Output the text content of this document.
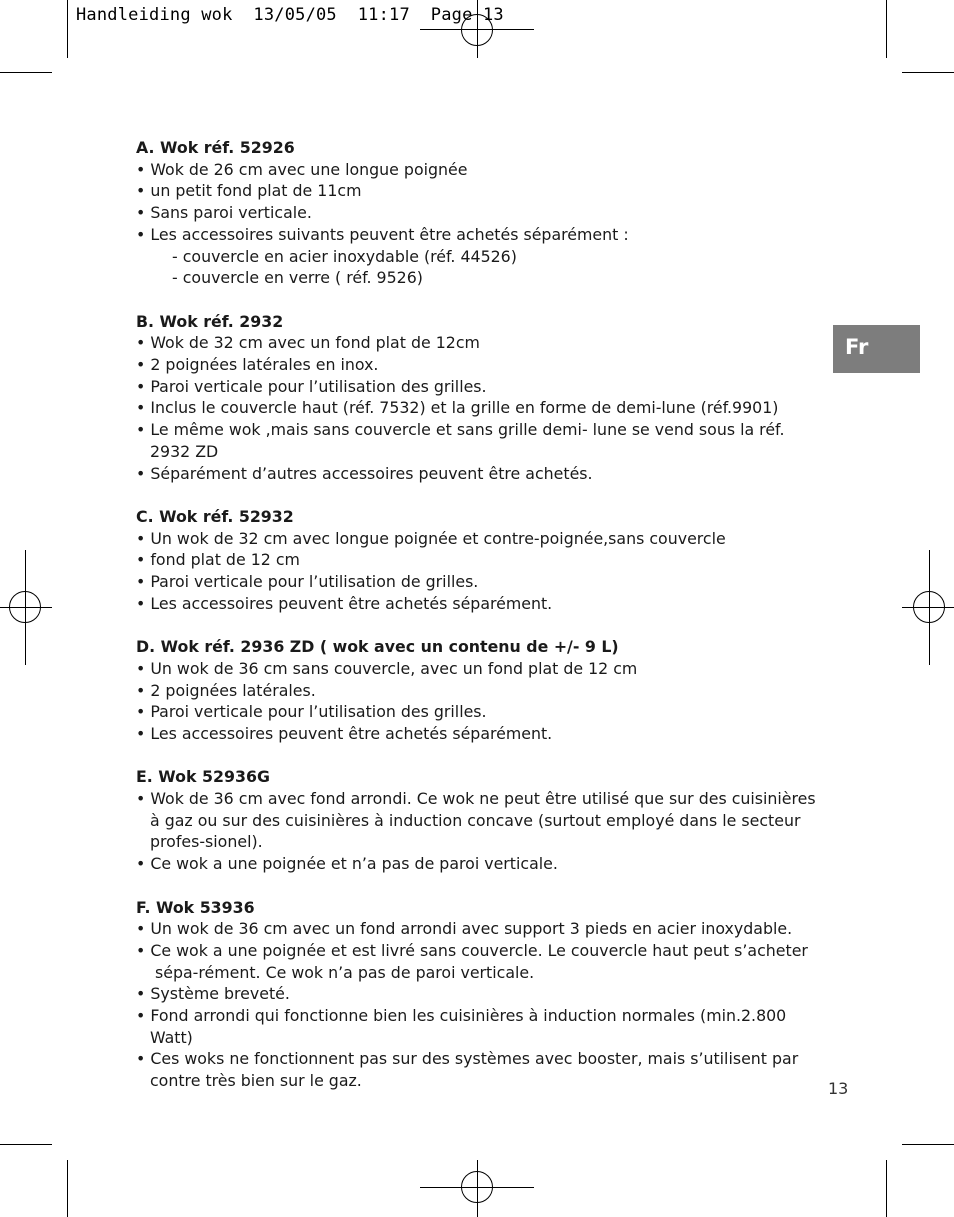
Handleiding wok  13/05/05  11:17  Page 13
Fr
A. Wok réf. 52926
• Wok de 26 cm avec une longue poignée
• un petit fond plat de 11cm
• Sans paroi verticale.
• Les accessoires suivants peuvent être achetés séparément :
- couvercle en acier inoxydable (réf. 44526)
- couvercle en verre ( réf. 9526)
B. Wok réf. 2932
• Wok de 32 cm avec un fond plat de 12cm
• 2 poignées latérales en inox.
• Paroi verticale pour l’utilisation des grilles.
• Inclus le couvercle haut (réf. 7532) et la grille en forme de demi-lune (réf.9901)
• Le même wok ,mais sans couvercle et sans grille demi- lune se vend sous la réf. 2932 ZD
• Séparément d’autres accessoires peuvent être achetés.
C. Wok réf. 52932
• Un wok de 32 cm avec longue poignée et contre-poignée,sans couvercle
• fond plat de 12 cm
• Paroi verticale pour l’utilisation de grilles.
• Les accessoires peuvent être achetés séparément.
D. Wok réf. 2936 ZD ( wok avec un contenu de +/- 9 L)
• Un wok de 36 cm sans couvercle, avec un fond plat de 12 cm
• 2 poignées latérales.
• Paroi verticale pour l’utilisation des grilles.
• Les accessoires peuvent être achetés séparément.
E. Wok 52936G
• Wok de 36 cm avec fond arrondi. Ce wok ne peut être utilisé que sur des cuisinières à gaz ou sur des cuisinières à induction concave (surtout employé dans le secteur profes-sionel).
• Ce wok a une poignée et n’a pas de paroi verticale.
F. Wok 53936
• Un wok de 36 cm avec un fond arrondi avec support 3 pieds en acier inoxydable.
• Ce wok a une poignée et est livré sans couvercle. Le couvercle haut peut s’acheter sépa-rément. Ce wok n’a pas de paroi verticale.
• Système breveté.
• Fond arrondi qui fonctionne bien les cuisinières à induction normales (min.2.800 Watt)
• Ces woks ne fonctionnent pas sur des systèmes avec booster, mais s’utilisent par contre très bien sur le gaz.	13
